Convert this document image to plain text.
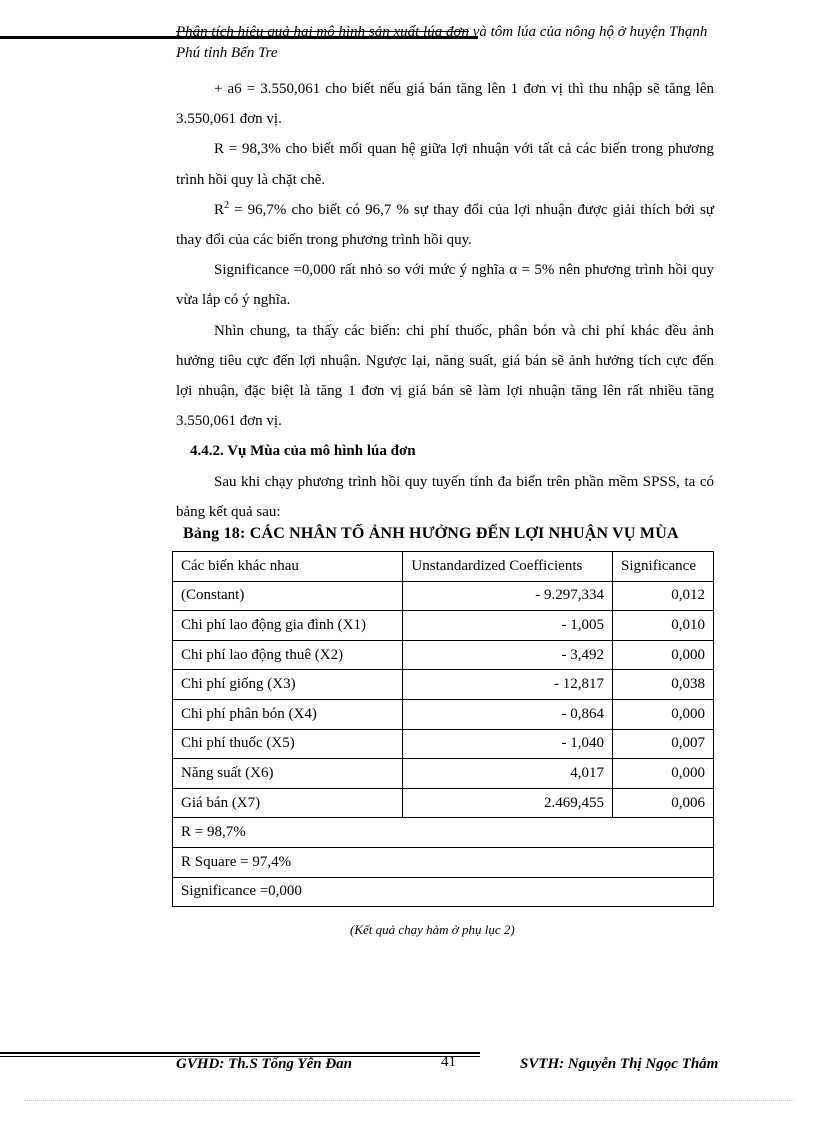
Phân tích hiệu quả hai mô hình sản xuất lúa đơn và tôm lúa của nông hộ ở huyện Thạnh
Phú tỉnh Bến Tre

+ a6 = 3.550,061 cho biết nếu giá bán tăng lên 1 đơn vị thì thu nhập sẽ tăng lên 3.550,061 đơn vị.

R = 98,3% cho biết mối quan hệ giữa lợi nhuận với tất cả các biến trong phương trình hồi quy là chặt chẽ.

$R^2 = 96,7\%$ cho biết có 96,7 % sự thay đổi của lợi nhuận được giải thích bởi sự thay đổi của các biến trong phương trình hồi quy.

Significance =0,000 rất nhỏ so với mức ý nghĩa α = 5% nên phương trình hồi quy vừa lắp có ý nghĩa.

Nhìn chung, ta thấy các biến: chi phí thuốc, phân bón và chi phí khác đều ảnh hưởng tiêu cực đến lợi nhuận. Ngược lại, năng suất, giá bán sẽ ảnh hưởng tích cực đến lợi nhuận, đặc biệt là tăng 1 đơn vị giá bán sẽ làm lợi nhuận tăng lên rất nhiều tăng 3.550,061 đơn vị.

4.4.2. Vụ Mùa của mô hình lúa đơn

Sau khi chạy phương trình hồi quy tuyến tính đa biến trên phần mềm SPSS, ta có bảng kết quả sau:

Bảng 18: CÁC NHÂN TỐ ẢNH HƯỞNG ĐẾN LỢI NHUẬN VỤ MÙA
Các biến khác nhau	Unstandardized Coefficients	Significance
(Constant)	- 9.297,334	0,012
Chi phí lao động gia đình (X1)	- 1,005	0,010
Chi phí lao động thuê (X2)	- 3,492	0,000
Chi phí giống (X3)	- 12,817	0,038
Chi phí phân bón (X4)	- 0,864	0,000
Chi phí thuốc (X5)	- 1,040	0,007
Năng suất (X6)	4,017	0,000
Giá bán (X7)	2.469,455	0,006
R = 98,7%		
R Square = 97,4%		
Significance =0,000		
(Kết quả chạy hàm ở phụ lục 2)
GVHD: Th.S Tống Yên Đan	41	SVTH: Nguyễn Thị Ngọc Thắm
